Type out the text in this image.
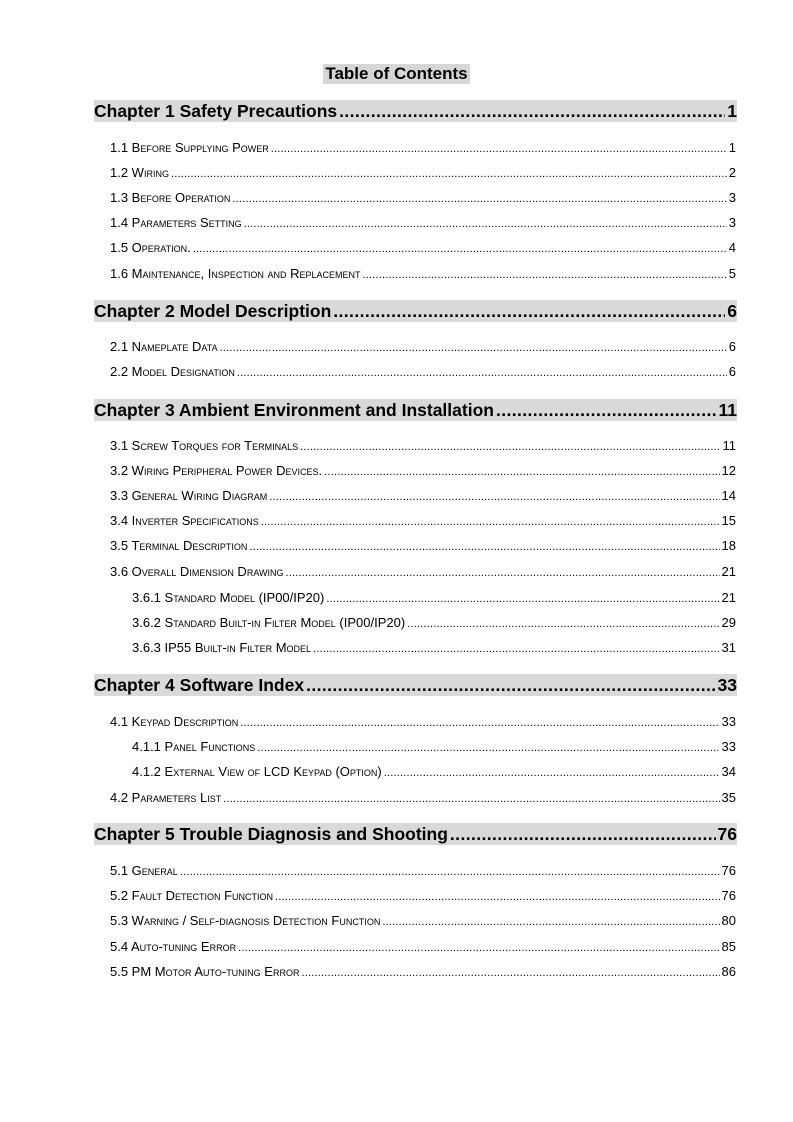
Table of Contents
Chapter 1 Safety Precautions .....	1
1.1 Before Supplying Power .....	1
1.2 Wiring .....	2
1.3 Before Operation .....	3
1.4 Parameters Setting .....	3
1.5 Operation. .....	4
1.6 Maintenance, Inspection and Replacement .....	5
Chapter 2 Model Description .....	6
2.1 Nameplate Data .....	6
2.2 Model Designation .....	6
Chapter 3 Ambient Environment and Installation .....	11
3.1 Screw Torques for Terminals .....	11
3.2 Wiring Peripheral Power Devices. .....	12
3.3 General Wiring Diagram .....	14
3.4 Inverter Specifications .....	15
3.5 Terminal Description .....	18
3.6 Overall Dimension Drawing .....	21
3.6.1 Standard Model (IP00/IP20) .....	21
3.6.2 Standard Built-in Filter Model (IP00/IP20) .....	29
3.6.3 IP55 Built-in Filter Model .....	31
Chapter 4 Software Index .....	33
4.1 Keypad Description .....	33
4.1.1 Panel Functions .....	33
4.1.2 External View of LCD Keypad (Option) .....	34
4.2 Parameters List .....	35
Chapter 5 Trouble Diagnosis and Shooting .....	76
5.1 General .....	76
5.2 Fault Detection Function .....	76
5.3 Warning / Self-diagnosis Detection Function .....	80
5.4 Auto-tuning Error .....	85
5.5 PM Motor Auto-tuning Error .....	86
